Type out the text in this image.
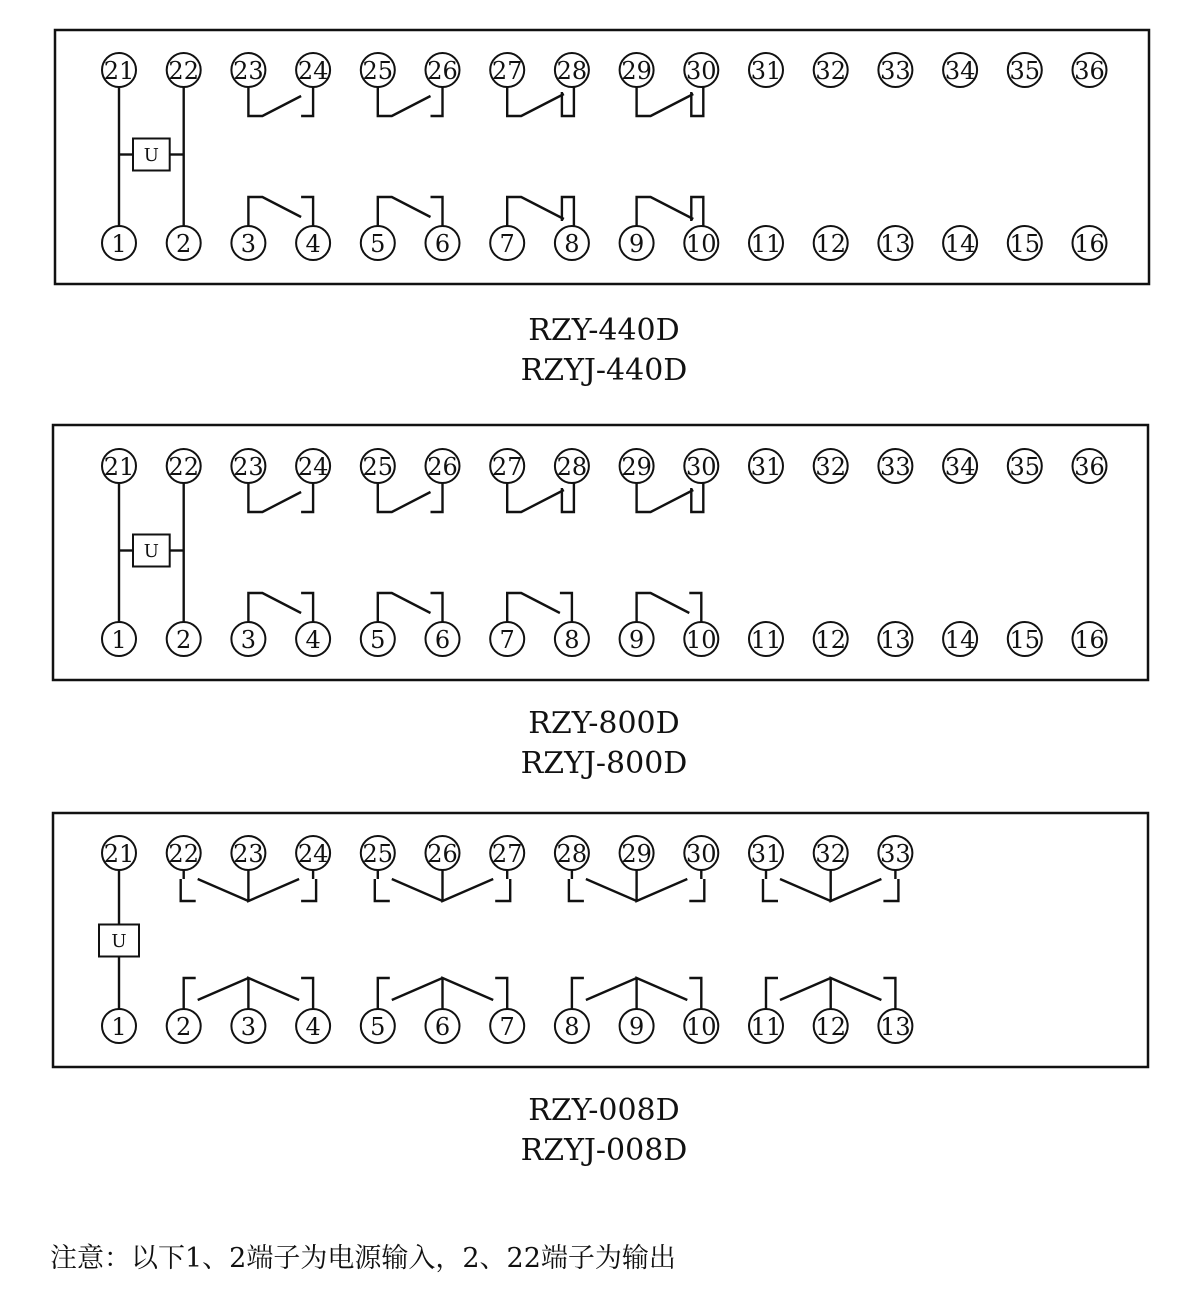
RZY-440D
RZYJ-440D
U
21 22 23 24 25 26 27 28 29 30 31 32 33 34 35 36
1 2 3 4 5 6 7 8 9 10 11 12 13 14 15 16
RZY-800D
RZYJ-800D
U
21 22 23 24 25 26 27 28 29 30 31 32 33 34 35 36
1 2 3 4 5 6 7 8 9 10 11 12 13 14 15 16
RZY-008D
RZYJ-008D
U
21 22 23 24 25 26 27 28 29 30 31 32 33
1 2 3 4 5 6 7 8 9 10 11 12 13
注意：以下1、2端子为电源输入，2、22端子为输出
